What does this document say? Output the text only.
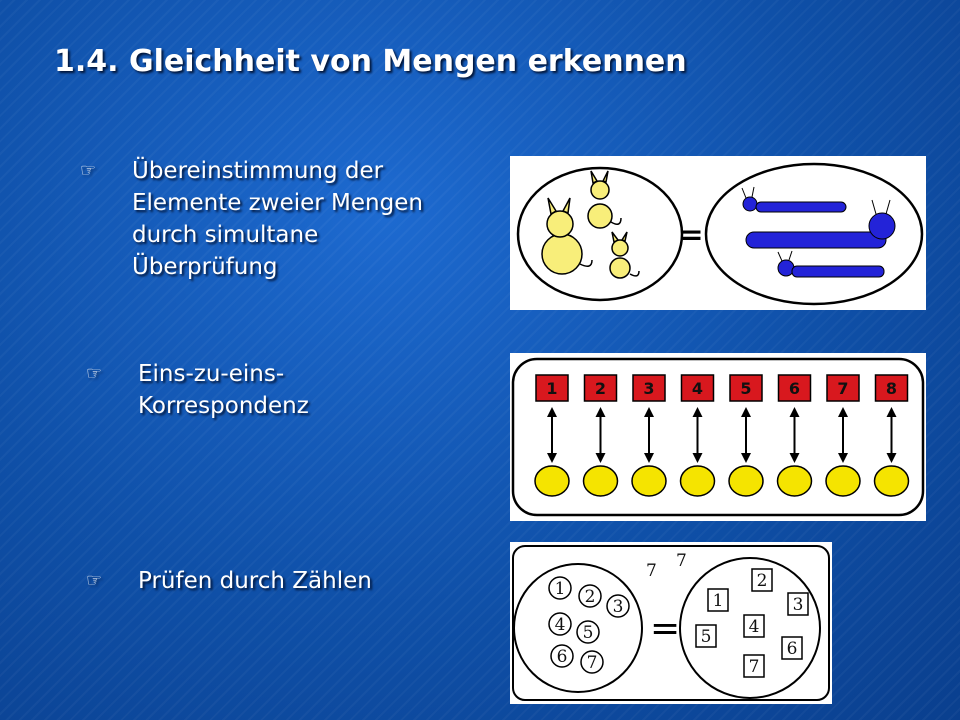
1.4. Gleichheit von Mengen erkennen
☞	Übereinstimmung der
Elemente zweier Mengen
durch simultane
Überprüfung
☞	Eins-zu-eins-
Korrespondenz
☞	Prüfen durch Zählen
=
1 2 3 4 5 6 7 8
7 7
=
1 2 3
4 5
6 7
1
2
3
4
5
6
7
